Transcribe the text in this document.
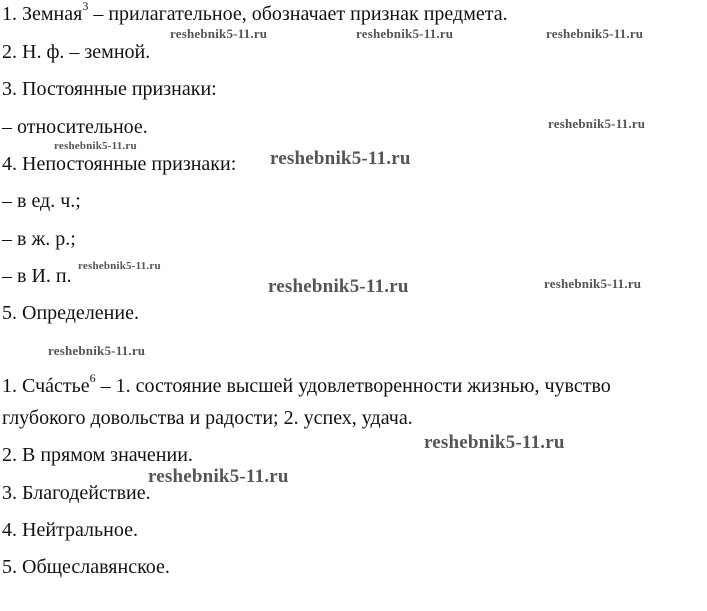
1. Земная$^3$ – прилагательное, обозначает признак предмета.
2. Н. ф. – земной.
3. Постоянные признаки:
– относительное.
4. Непостоянные признаки:
– в ед. ч.;
– в ж. р.;
– в И. п.
5. Определение.
1. Счáстье$^6$ – 1. состояние высшей удовлетворенности жизнью, чувство
глубокого довольства и радости; 2. успех, удача.
2. В прямом значении.
3. Благодействие.
4. Нейтральное.
5. Общеславянское.
reshebnik5-11.ru	reshebnik5-11.ru	reshebnik5-11.ru
reshebnik5-11.ru
reshebnik5-11.ru
reshebnik5-11.ru
reshebnik5-11.ru
reshebnik5-11.ru	reshebnik5-11.ru
reshebnik5-11.ru
reshebnik5-11.ru
reshebnik5-11.ru
